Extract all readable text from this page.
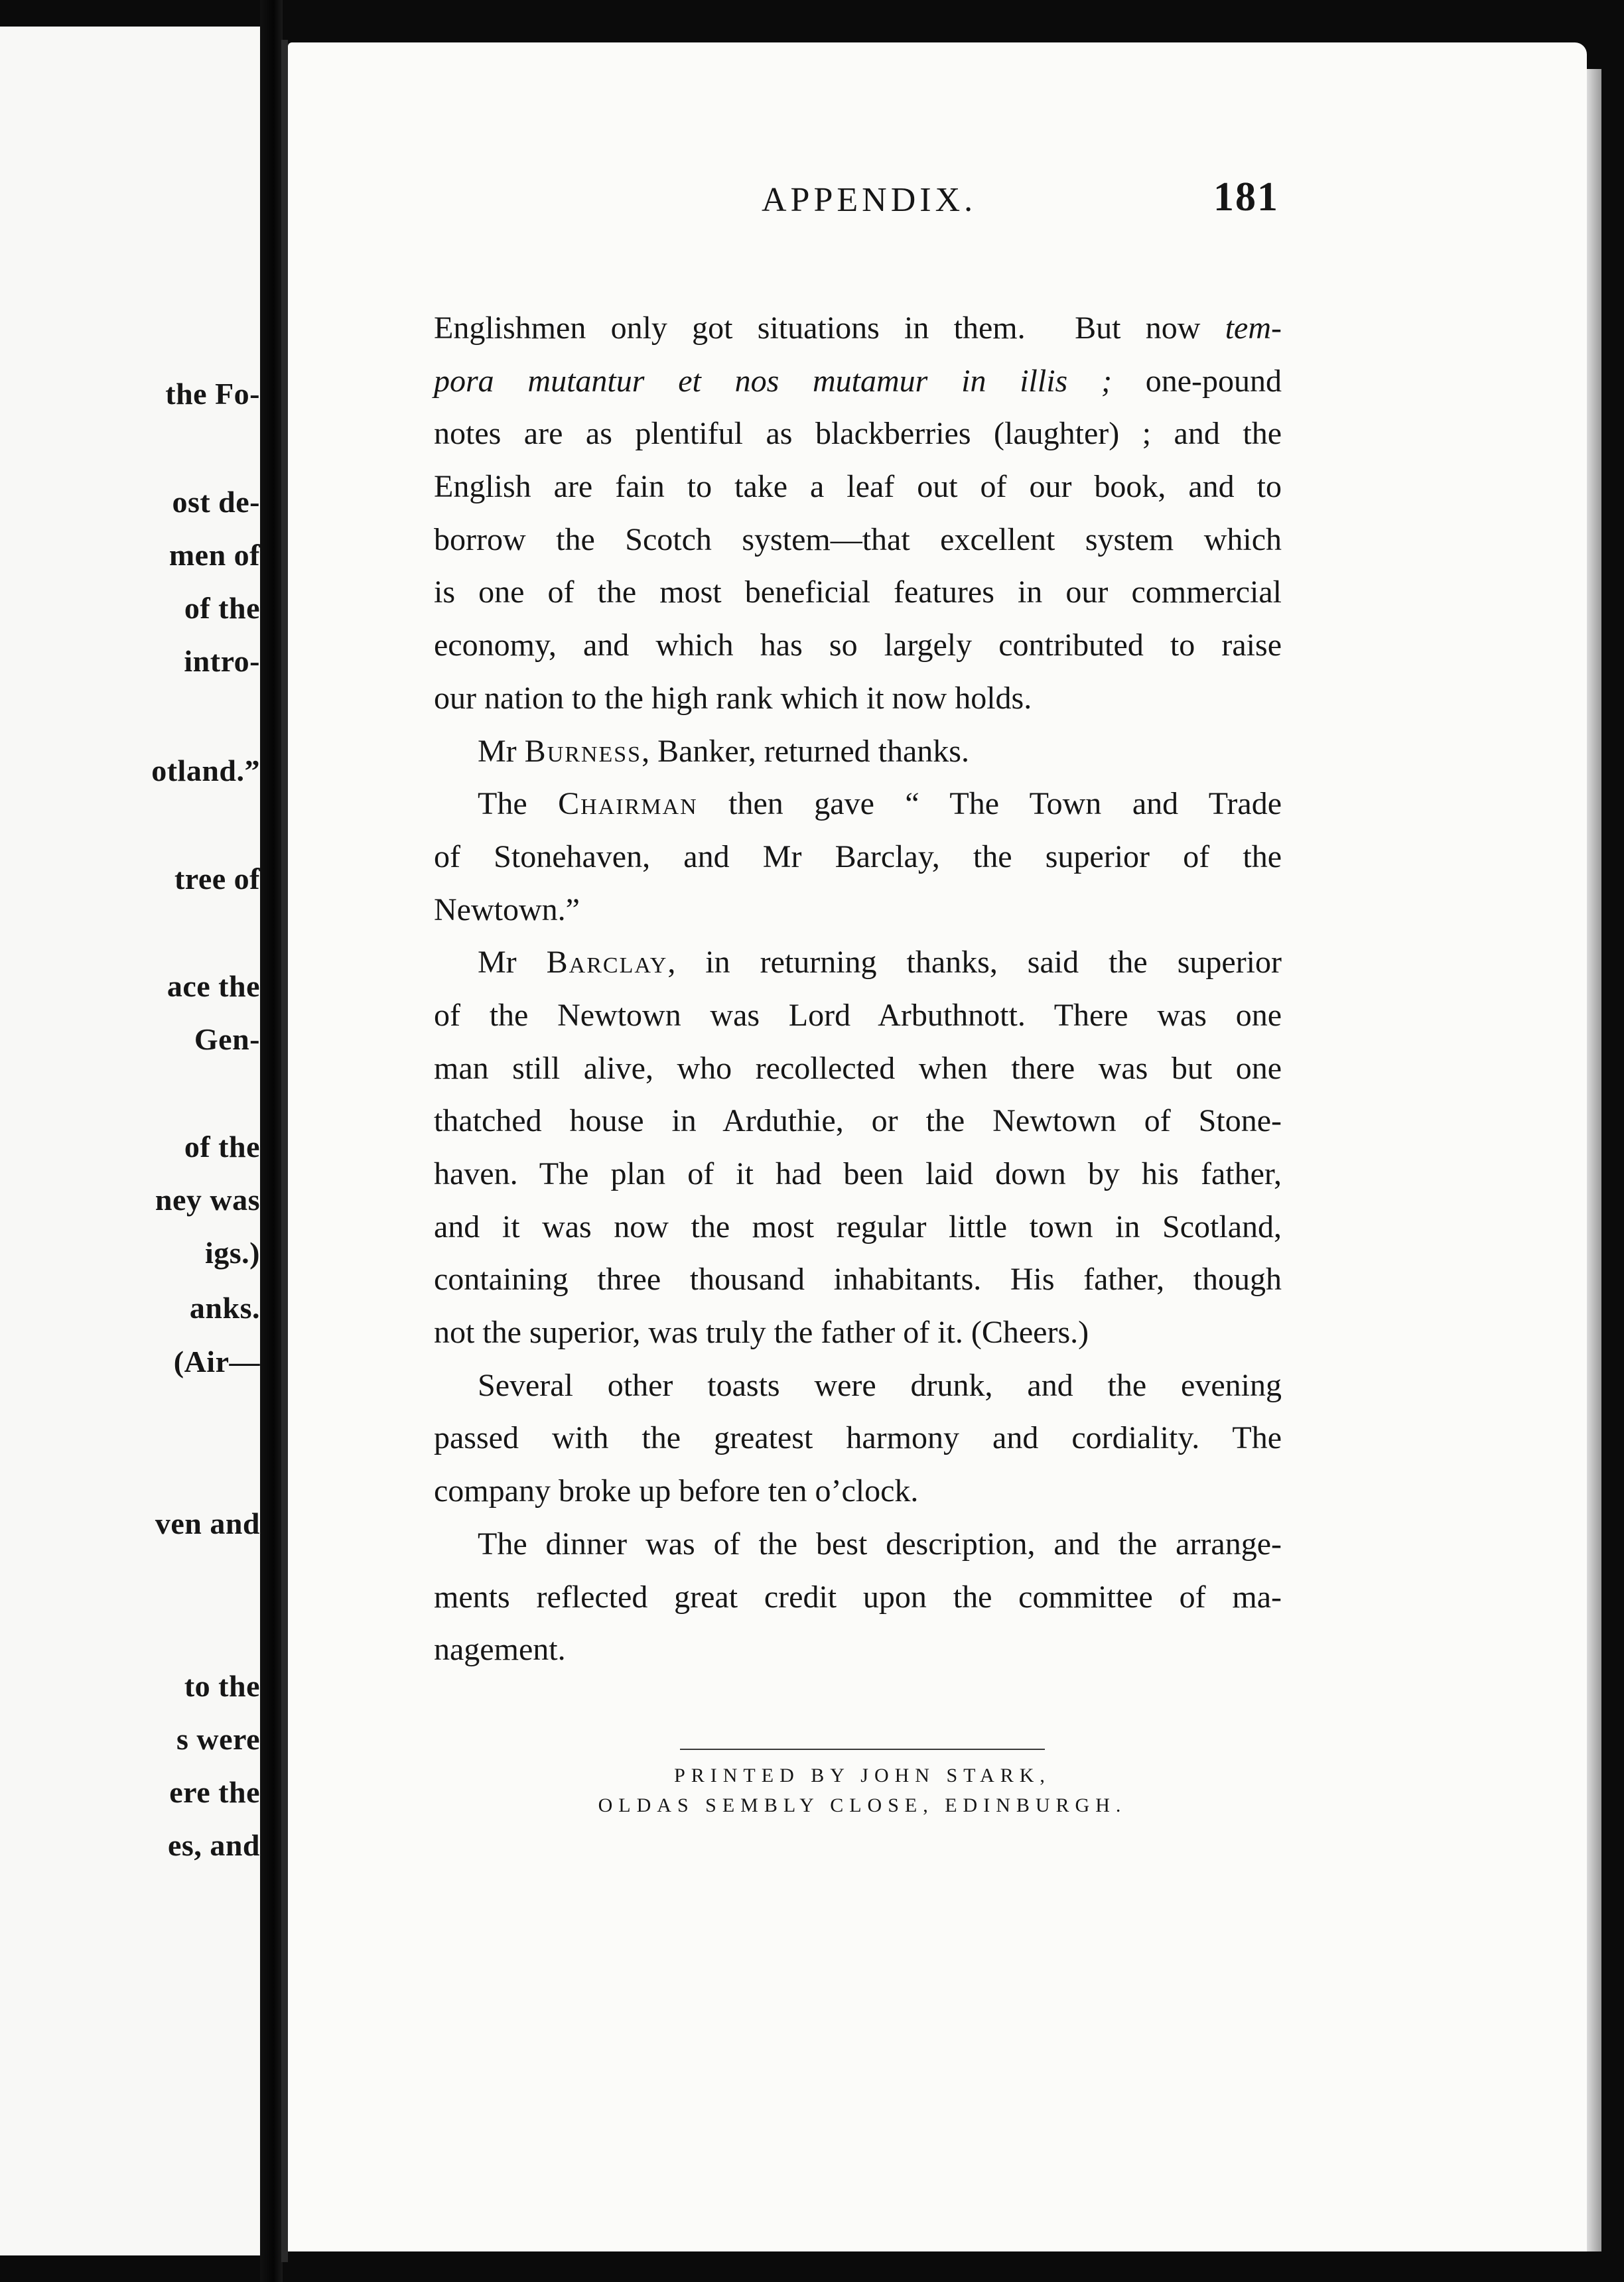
the Fo-
ost de-
men of
of the
intro-
otland.”
tree of
ace the
Gen-
of the
ney was
igs.)
anks.
(Air—
ven and
to the
s were
ere the
es, and
APPENDIX.	181
Englishmen only got situations in them.  But now tem-
pora mutantur et nos mutamur in illis ; one-pound
notes are as plentiful as blackberries (laughter) ; and the
English are fain to take a leaf out of our book, and to
borrow the Scotch system—that excellent system which
is one of the most beneficial features in our commercial
economy, and which has so largely contributed to raise
our nation to the high rank which it now holds.
Mr Burness, Banker, returned thanks.
The Chairman then gave “ The Town and Trade
of Stonehaven, and Mr Barclay, the superior of the
Newtown.”
Mr Barclay, in returning thanks, said the superior
of the Newtown was Lord Arbuthnott. There was one
man still alive, who recollected when there was but one
thatched house in Arduthie, or the Newtown of Stone-
haven. The plan of it had been laid down by his father,
and it was now the most regular little town in Scotland,
containing three thousand inhabitants. His father, though
not the superior, was truly the father of it. (Cheers.)
Several other toasts were drunk, and the evening
passed with the greatest harmony and cordiality. The
company broke up before ten o’clock.
The dinner was of the best description, and the arrange-
ments reflected great credit upon the committee of ma-
nagement.
PRINTED BY JOHN STARK,
OLDAS SEMBLY CLOSE, EDINBURGH.
